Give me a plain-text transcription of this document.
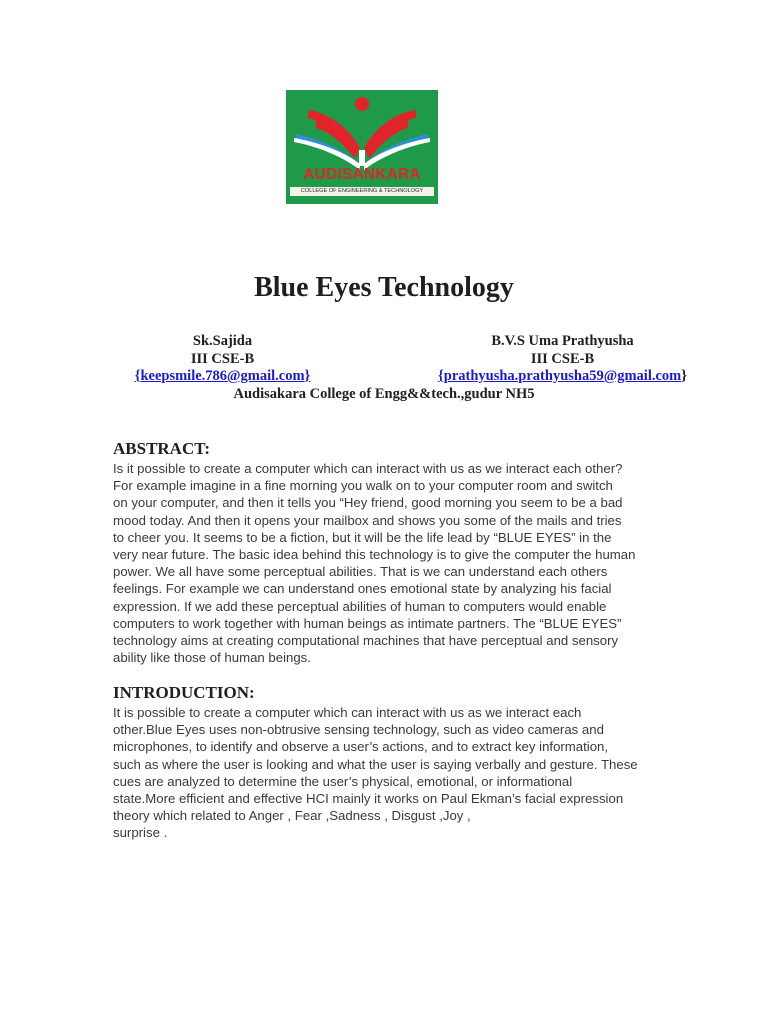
AUDISANKARA
COLLEGE OF ENGINEERING & TECHNOLOGY
Blue Eyes Technology
Sk.Sajida
III CSE-B
{keepsmile.786@gmail.com}
B.V.S Uma Prathyusha
III CSE-B
{prathyusha.prathyusha59@gmail.com}
Audisakara College of Engg&&tech.,gudur NH5
ABSTRACT:
Is it possible to create a computer which can interact with us as we interact each other?
For example imagine in a fine morning you walk on to your computer room and switch
on your computer, and then it tells you “Hey friend, good morning you seem to be a bad
mood today. And then it opens your mailbox and shows you some of the mails and tries
to cheer you. It seems to be a fiction, but it will be the life lead by “BLUE EYES” in the
very near future. The basic idea behind this technology is to give the computer the human
power. We all have some perceptual abilities. That is we can understand each others
feelings. For example we can understand ones emotional state by analyzing his facial
expression. If we add these perceptual abilities of human to computers would enable
computers to work together with human beings as intimate partners. The “BLUE EYES”
technology aims at creating computational machines that have perceptual and sensory
ability like those of human beings.
INTRODUCTION:
It is possible to create a computer which can interact with us as we interact each
other.Blue Eyes uses non-obtrusive sensing technology, such as video cameras and
microphones, to identify and observe a user’s actions, and to extract key information,
such as where the user is looking and what the user is saying verbally and gesture. These
cues are analyzed to determine the user’s physical, emotional, or informational
state.More efficient and effective HCI mainly it works on Paul Ekman’s facial expression
theory which related to Anger , Fear ,Sadness , Disgust ,Joy ,
surprise .
